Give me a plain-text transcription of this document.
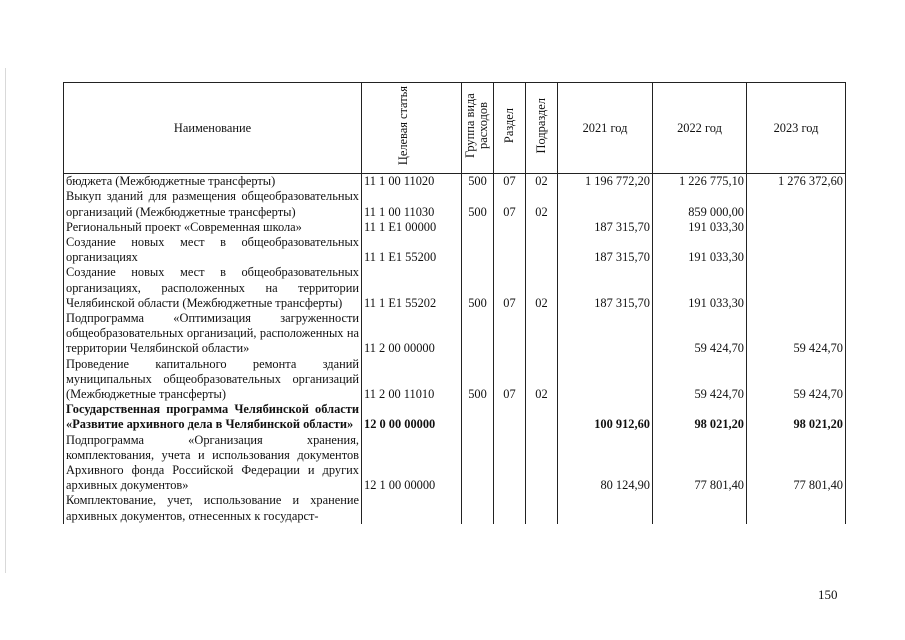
Наименование	Целевая статья	Группа вида расходов	Раздел	Подраздел	2021 год	2022 год	2023 год
бюджета (Межбюджетные трансферты)	11 1 00 11020	500	07	02	1 196 772,20	1 226 775,10	1 276 372,60
Выкуп зданий для размещения общеобразовательных организаций (Межбюджетные трансферты)	11 1 00 11030	500	07	02		859 000,00	
Региональный проект «Современная школа»	11 1 E1 00000				187 315,70	191 033,30	
Создание новых мест в общеобразовательных организациях	11 1 E1 55200				187 315,70	191 033,30	
Создание новых мест в общеобразовательных организациях, расположенных на территории Челябинской области (Межбюджетные трансферты)	11 1 E1 55202	500	07	02	187 315,70	191 033,30	
Подпрограмма «Оптимизация загруженности общеобразовательных организаций, расположенных на территории Челябинской области»	11 2 00 00000					59 424,70	59 424,70
Проведение капитального ремонта зданий муниципальных общеобразовательных организаций (Межбюджетные трансферты)	11 2 00 11010	500	07	02		59 424,70	59 424,70
Государственная программа Челябинской области «Развитие архивного дела в Челябинской области»	12 0 00 00000				100 912,60	98 021,20	98 021,20
Подпрограмма «Организация хранения, комплектования, учета и использования документов Архивного фонда Российской Федерации и других архивных документов»	12 1 00 00000				80 124,90	77 801,40	77 801,40
Комплектование, учет, использование и хранение архивных документов, отнесенных к государст-							
150
